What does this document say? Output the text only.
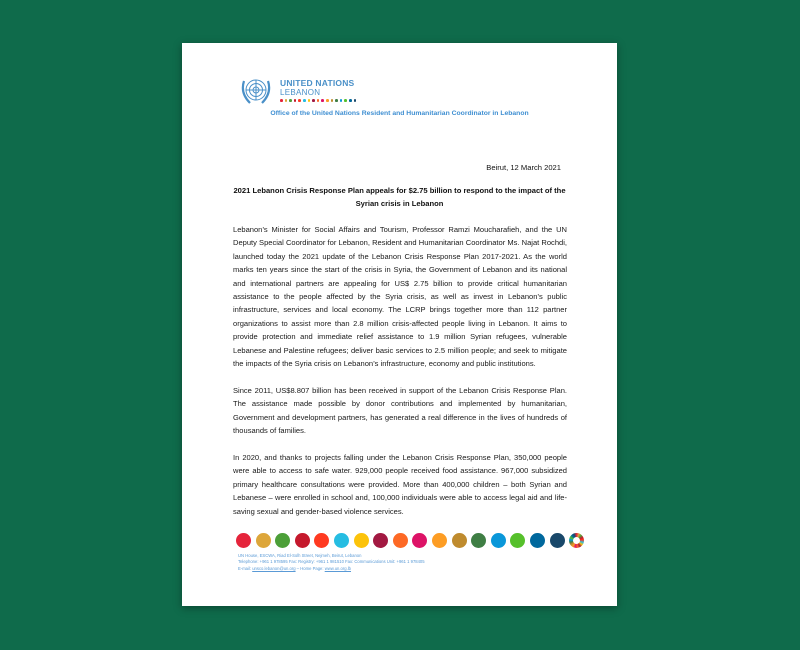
UNITED NATIONS
LEBANON
Office of the United Nations Resident and Humanitarian Coordinator in Lebanon
Beirut, 12 March 2021
2021 Lebanon Crisis Response Plan appeals for $2.75 billion to respond to the impact of the Syrian crisis in Lebanon

Lebanon’s Minister for Social Affairs and Tourism, Professor Ramzi Moucharafieh, and the UN Deputy Special Coordinator for Lebanon, Resident and Humanitarian Coordinator Ms. Najat Rochdi, launched today the 2021 update of the Lebanon Crisis Response Plan 2017-2021. As the world marks ten years since the start of the crisis in Syria, the Government of Lebanon and its national and international partners are appealing for US$ 2.75 billion to provide critical humanitarian assistance to the people affected by the Syria crisis, as well as invest in Lebanon’s public infrastructure, services and local economy. The LCRP brings together more than 112 partner organizations to assist more than 2.8 million crisis-affected people living in Lebanon. It aims to provide protection and immediate relief assistance to 1.9 million Syrian refugees, vulnerable Lebanese and Palestine refugees; deliver basic services to 2.5 million people; and seek to mitigate the impacts of the Syria crisis on Lebanon’s infrastructure, economy and public institutions.

Since 2011, US$8.807 billion has been received in support of the Lebanon Crisis Response Plan. The assistance made possible by donor contributions and implemented by humanitarian, Government and development partners, has generated a real difference in the lives of hundreds of thousands of families.

In 2020, and thanks to projects falling under the Lebanon Crisis Response Plan, 350,000 people were able to access to safe water. 929,000 people received food assistance. 967,000 subsidized primary healthcare consultations were provided. More than 400,000 children – both Syrian and Lebanese – were enrolled in school and, 100,000 individuals were able to access legal aid and life-saving sexual and gender-based violence services.

UN House, ESCWA, Riad El-Solh Street, Nejmeh, Beirut, Lebanon
Telephone: +961 1 978595 Fax: Registry: +961 1 981510 Fax: Communications Unit: +961 1 978405
E-mail: unsco.lebanon@un.org – Home Page: www.un.org.lb
